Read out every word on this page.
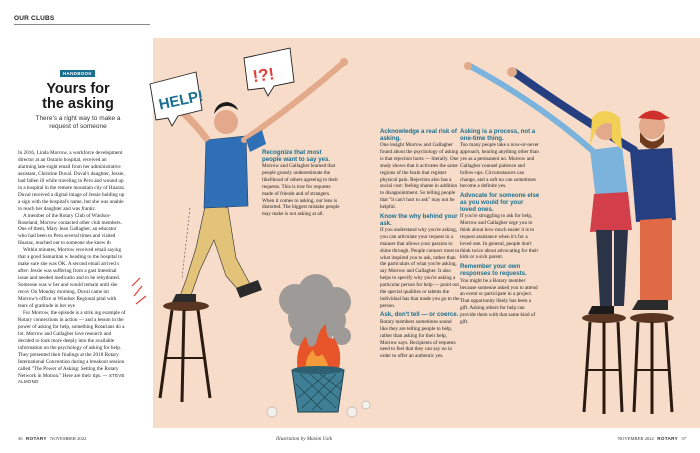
OUR CLUBS
HELP!
!?!
HANDBOOK
Yours for the asking
There's a right way to make a request of someone

In 2016, Linda Morrow, a workforce development director at an Ontario hospital, received an alarming late-night email from her administrative assistant, Christine Duval. Duval's daughter, Jessie, had fallen ill while traveling in Peru and wound up in a hospital in the remote mountain city of Huaraz. Duval received a digital image of Jessie holding up a sign with the hospital's name, but she was unable to reach her daughter and was frantic.

A member of the Rotary Club of Windsor-Roseland, Morrow contacted other club members. One of them, Mary Jean Gallagher, an educator who had been to Peru several times and visited Huaraz, reached out to someone she knew th

Within minutes, Morrow received email saying that a good Samaritan w heading to the hospital to make sure she was OK. A second email arrived s after: Jessie was suffering from a gast intestinal issue and needed medicatio and to be rehydrated. Someone was w her and would remain until she recov On Monday morning, Duval came int Morrow's office at Windsor Regional pital with tears of gratitude in her eye

For Morrow, the episode is a strik ing example of Rotary connections in action — and a lesson in the power of asking for help, something Rotarians do a lot. Morrow and Gallagher love research and decided to look more deeply into the available information on the psychology of asking for help. They presented their findings at the 2018 Rotary International Convention during a breakout session called "The Power of Asking: Setting the Rotary Network in Motion." Here are their tips. — STEVE ALMOND

Recognize that most people want to say yes.

Morrow and Gallagher learned that people grossly underestimate the likelihood of others agreeing to their requests. This is true for requests made of friends and of strangers. When it comes to asking, our lens is distorted. The biggest mistake people may make is not asking at all.

Acknowledge a real risk of asking.

One insight Morrow and Gallagher found about the psychology of asking is that rejection hurts — literally. One study shows that it activates the same regions of the brain that register physical pain. Rejection also has a social cost: feeling shame in addition to disappointment. So telling people that "it can't hurt to ask" may not be helpful.

Know the why behind your ask.

If you understand why you're asking, you can articulate your request in a manner that allows your passion to shine through. People connect most to what inspired you to ask, rather than the particulars of what you're asking, say Morrow and Gallagher. It also helps to specify why you're asking a particular person for help — point out the special qualities or talents the individual has that made you go to the person.

Ask, don't tell — or coerce.

Rotary members sometimes sound like they are telling people to help, rather than asking for their help, Morrow says. Recipients of requests need to feel that they can say no in order to offer an authentic yes.

Asking is a process, not a one-time thing.

Too many people take a now-or-never approach, hearing anything other than yes as a permanent no. Morrow and Gallagher counsel patience and follow-ups. Circumstances can change, and a soft no can sometimes become a definite yes.

Advocate for someone else as you would for your loved ones.

If you're struggling to ask for help, Morrow and Gallagher urge you to think about how much easier it is to request assistance when it's for a loved one. In general, people don't think twice about advocating for their kids or a sick parent.

Remember your own responses to requests.

You might be a Rotary member because someone asked you to attend an event or participate in a project. That opportunity likely has been a gift. Asking others for help can provide them with that same kind of gift.

36 ROTARY NOVEMBER 2022	Illustration by Maxim Usik	NOVEMBER 2022 ROTARY 37
